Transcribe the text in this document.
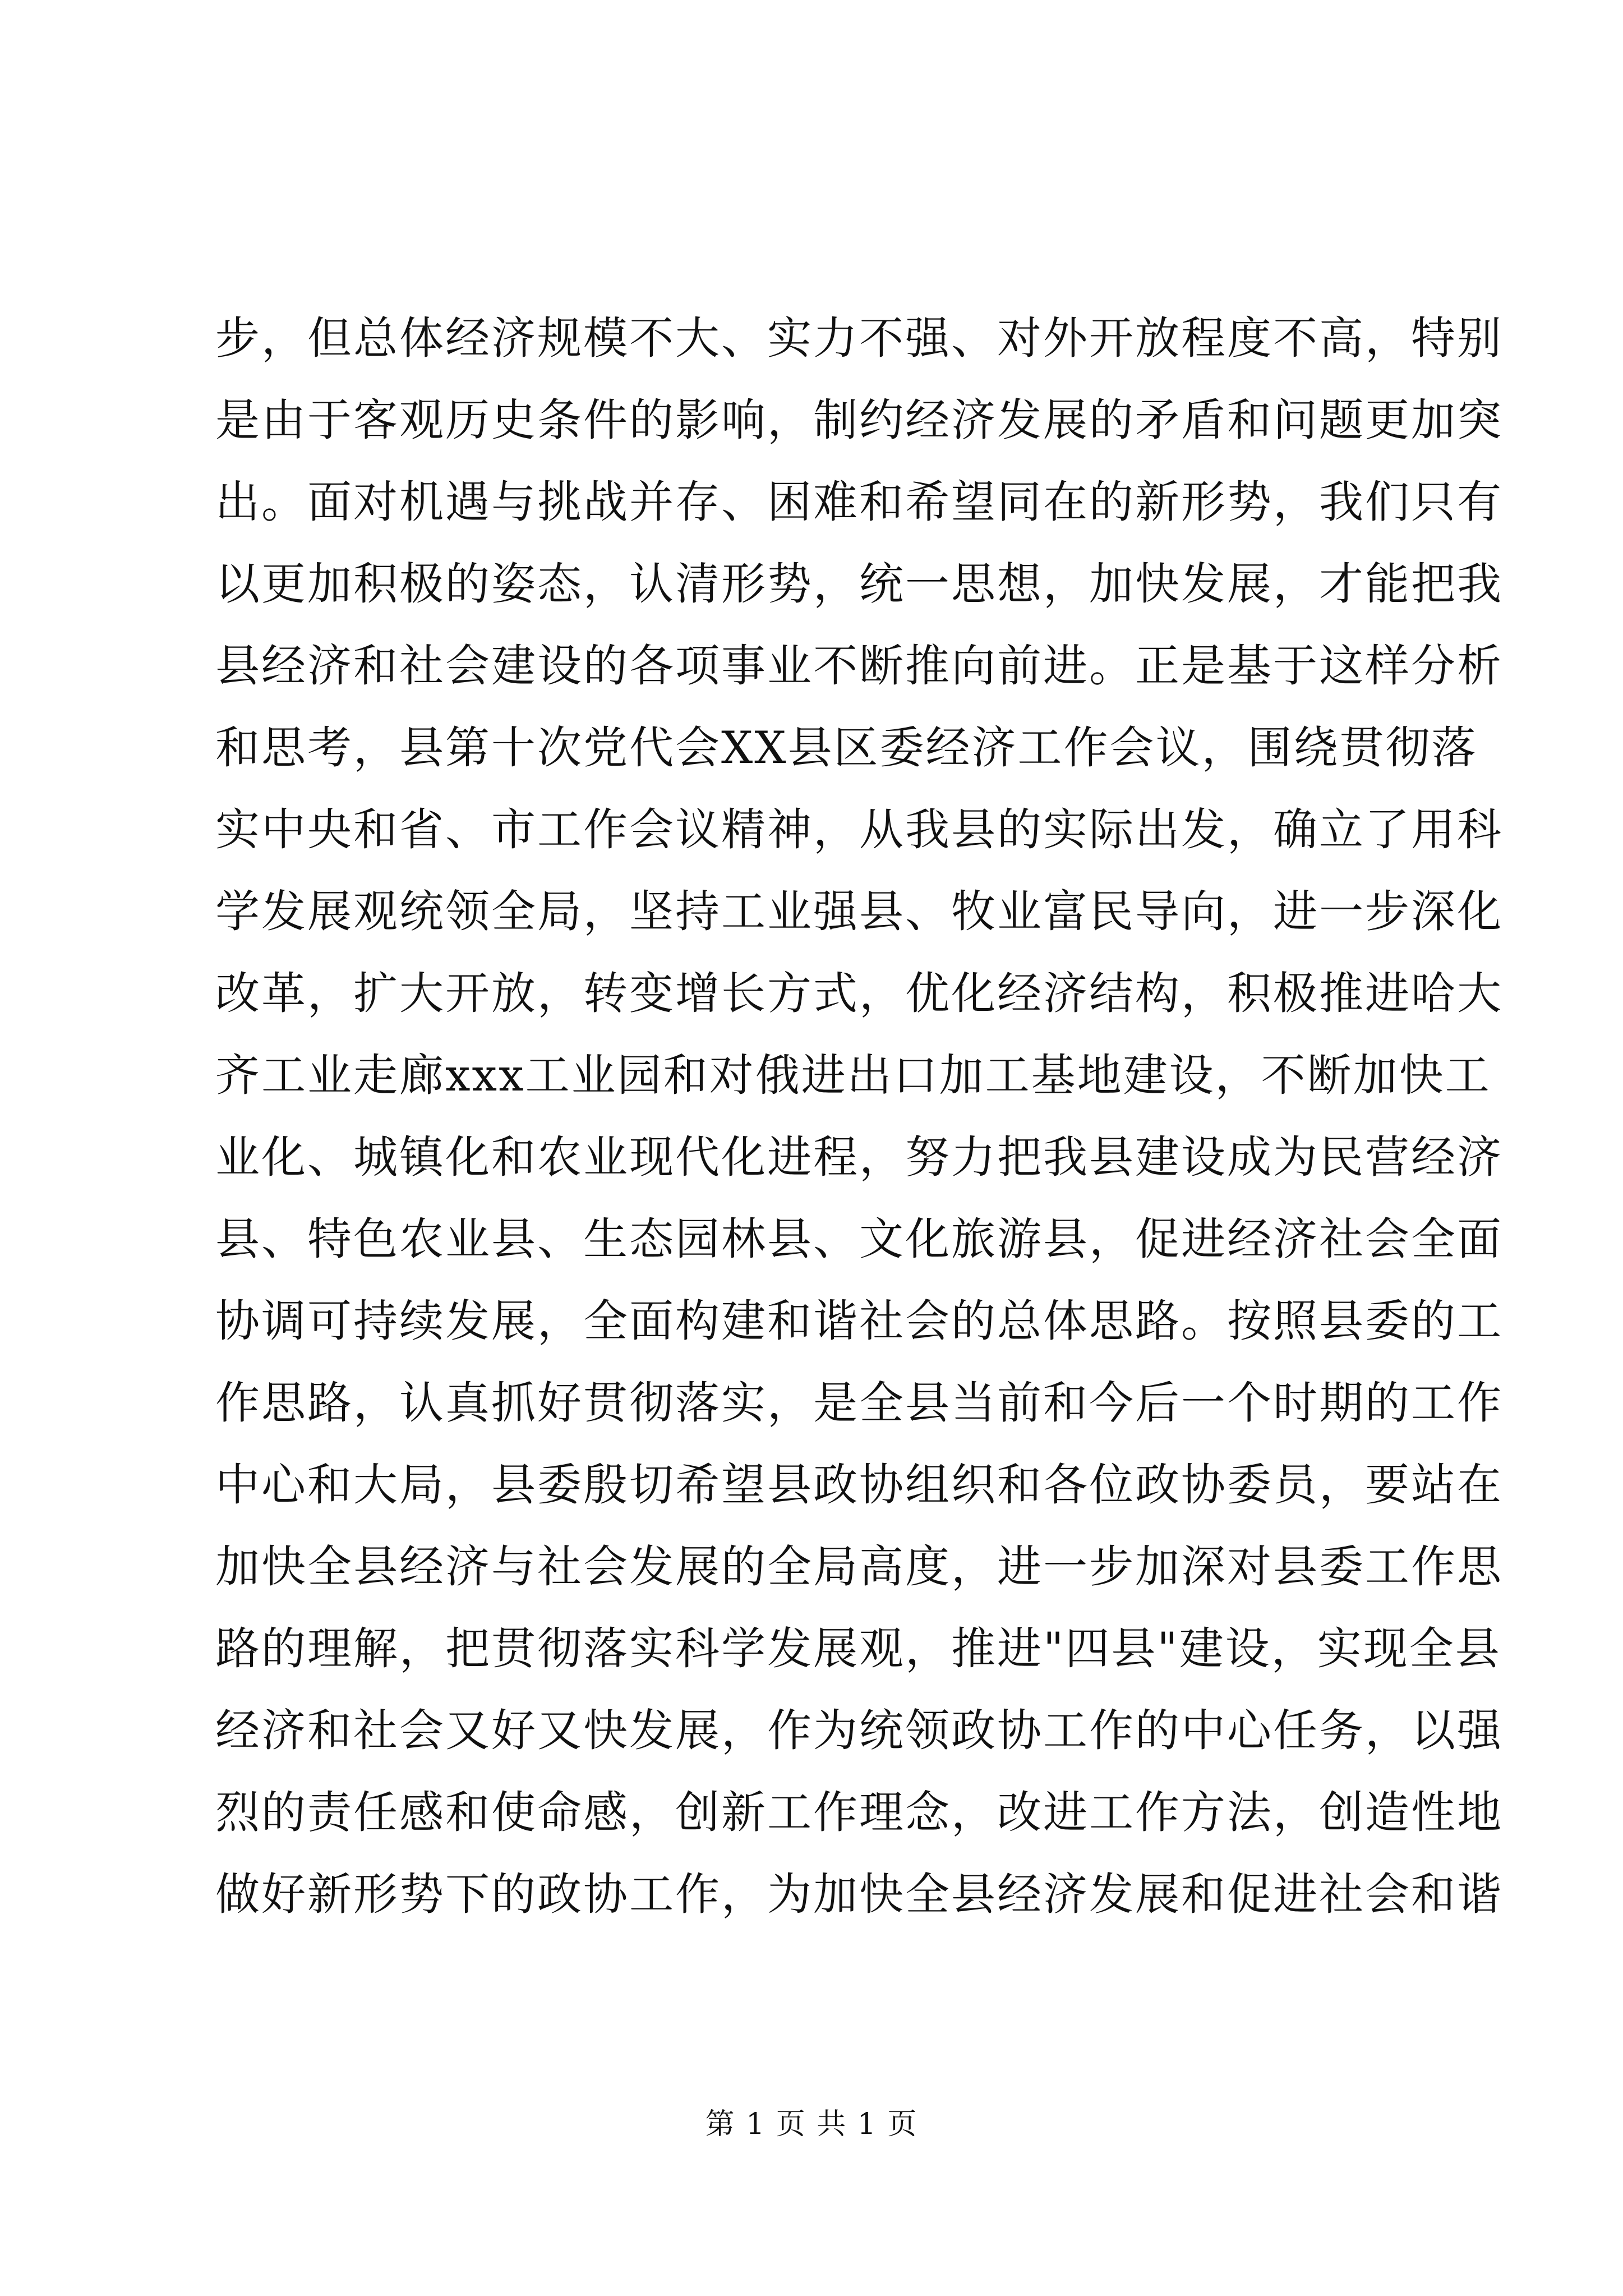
步，但总体经济规模不大、实力不强、对外开放程度不高，特别
是由于客观历史条件的影响，制约经济发展的矛盾和问题更加突
出。面对机遇与挑战并存、困难和希望同在的新形势，我们只有
以更加积极的姿态，认清形势，统一思想，加快发展，才能把我
县经济和社会建设的各项事业不断推向前进。正是基于这样分析
和思考，县第十次党代会XX县区委经济工作会议，围绕贯彻落
实中央和省、市工作会议精神，从我县的实际出发，确立了用科
学发展观统领全局，坚持工业强县、牧业富民导向，进一步深化
改革，扩大开放，转变增长方式，优化经济结构，积极推进哈大
齐工业走廊xxx工业园和对俄进出口加工基地建设，不断加快工
业化、城镇化和农业现代化进程，努力把我县建设成为民营经济
县、特色农业县、生态园林县、文化旅游县，促进经济社会全面
协调可持续发展，全面构建和谐社会的总体思路。按照县委的工
作思路，认真抓好贯彻落实，是全县当前和今后一个时期的工作
中心和大局，县委殷切希望县政协组织和各位政协委员，要站在
加快全县经济与社会发展的全局高度，进一步加深对县委工作思
路的理解，把贯彻落实科学发展观，推进"四县"建设，实现全县
经济和社会又好又快发展，作为统领政协工作的中心任务，以强
烈的责任感和使命感，创新工作理念，改进工作方法，创造性地
做好新形势下的政协工作，为加快全县经济发展和促进社会和谐
第 1 页 共 1 页
